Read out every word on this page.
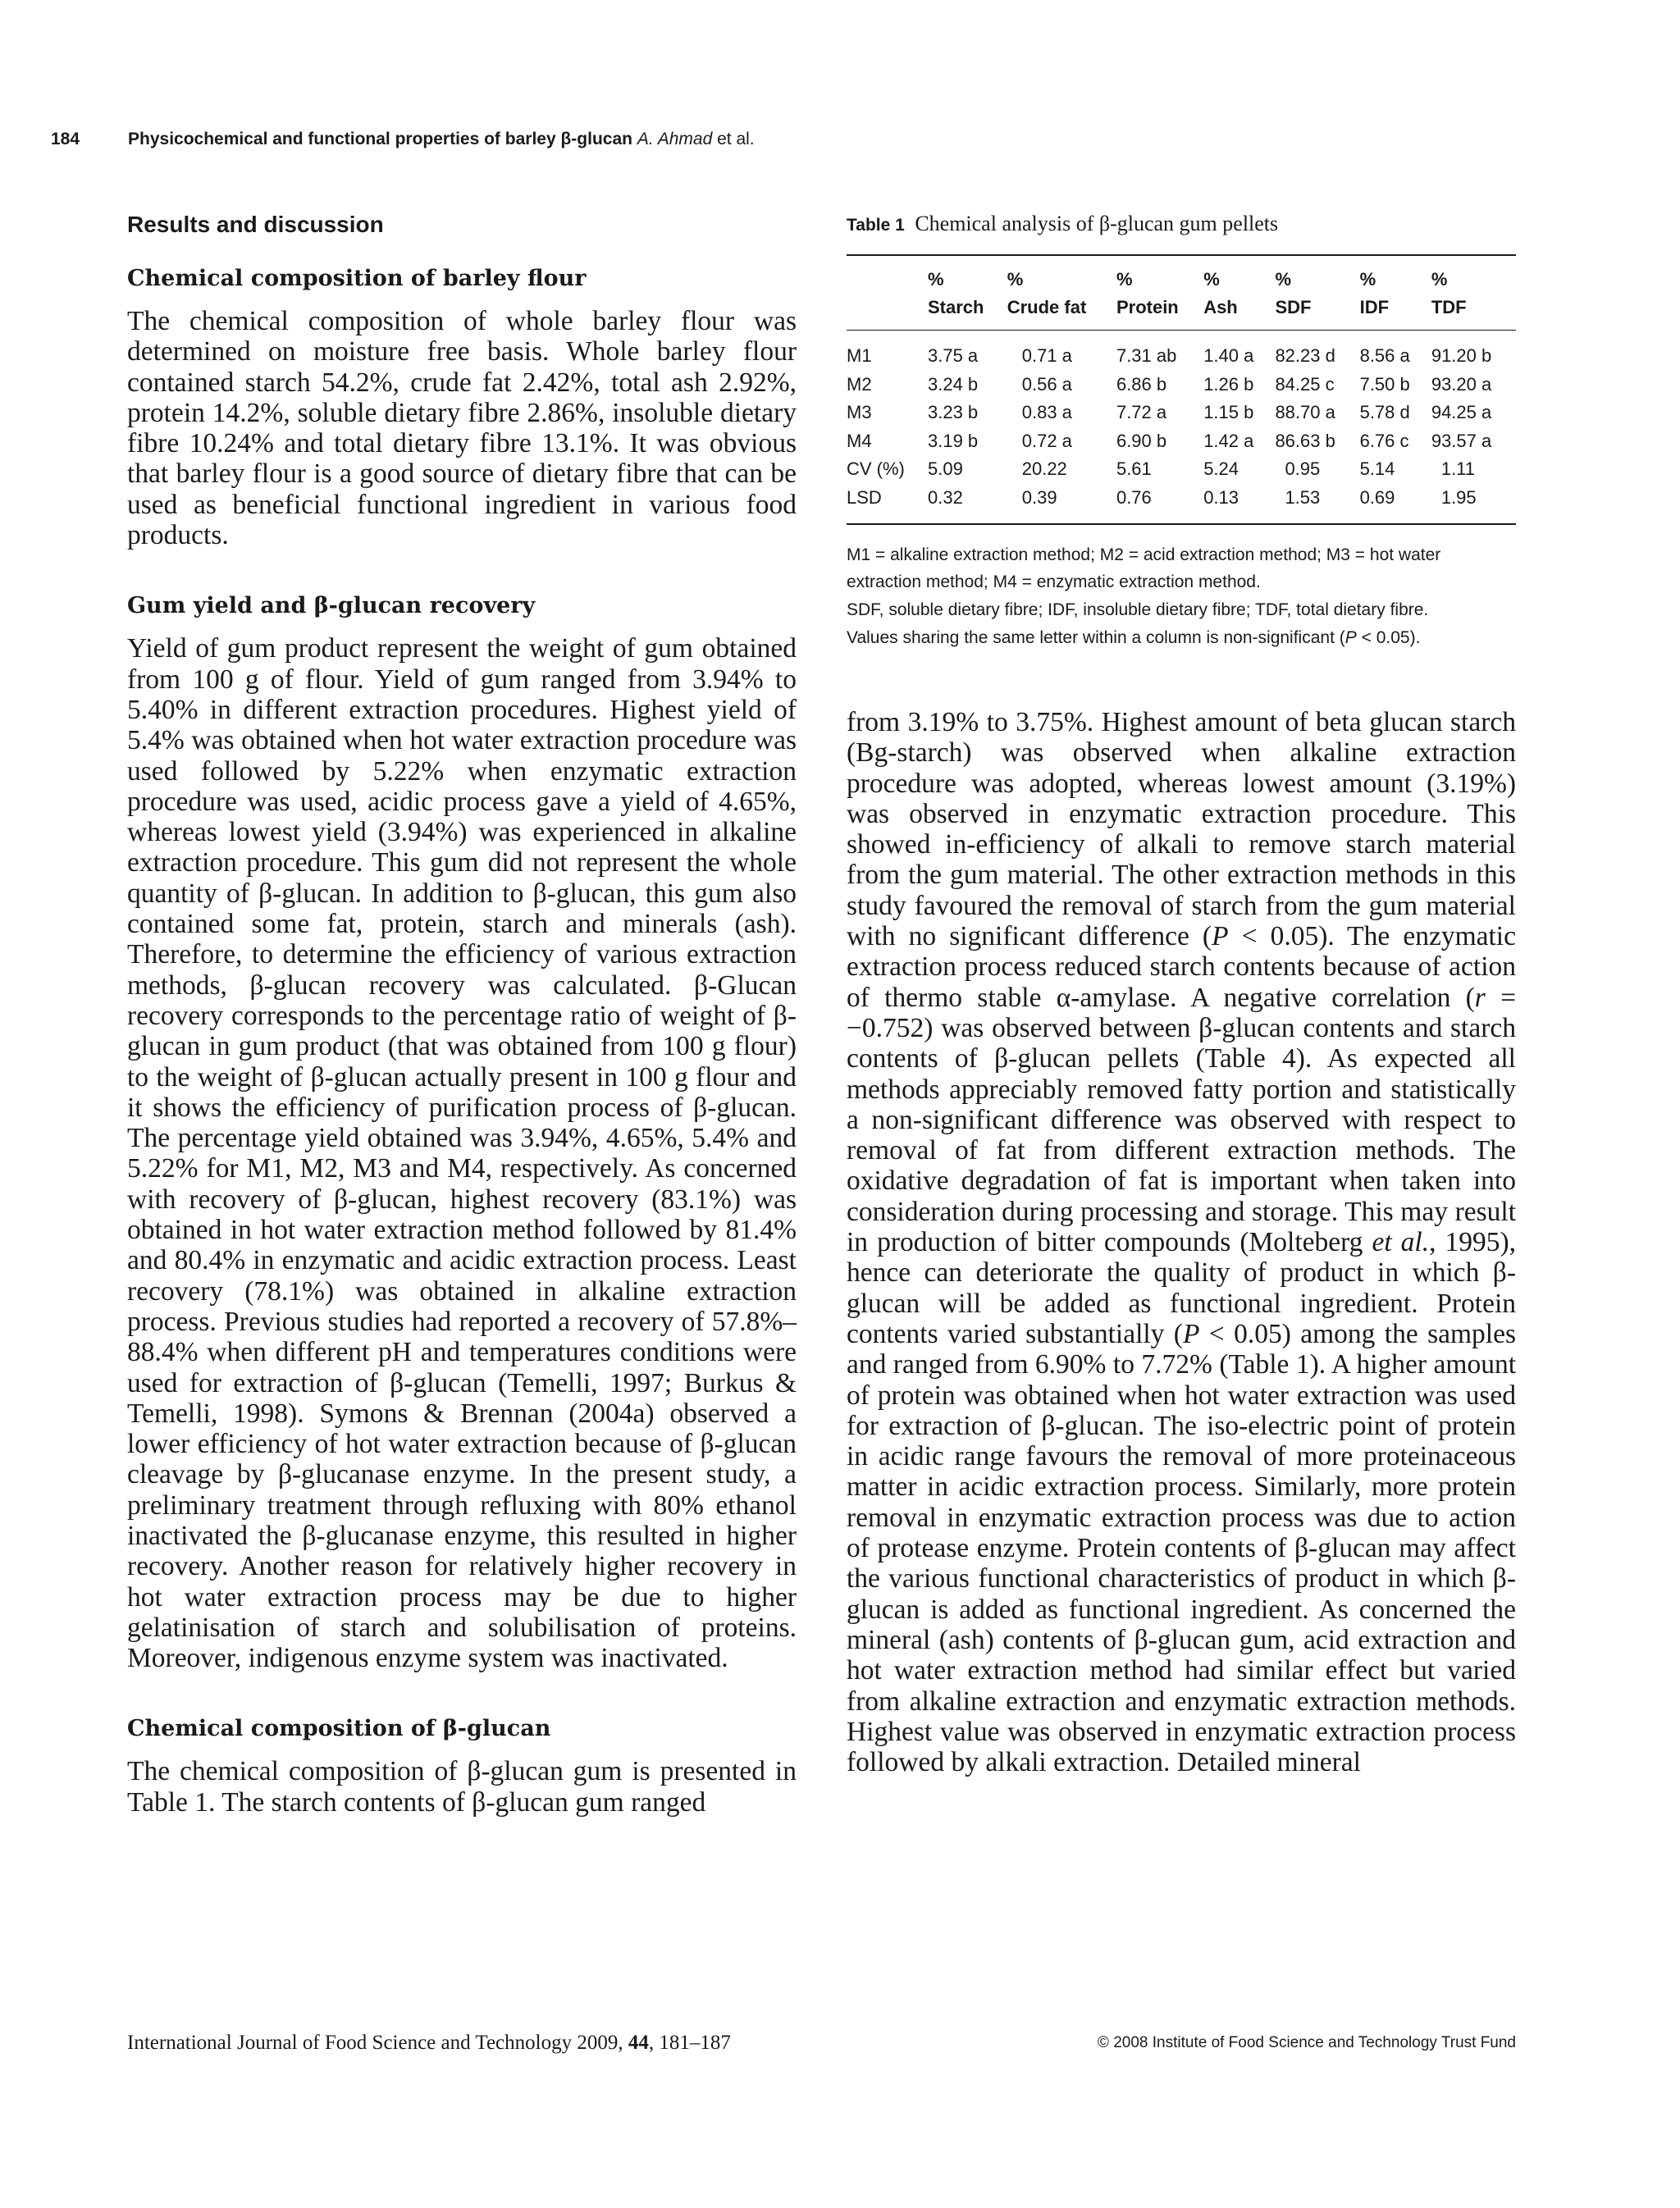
184	Physicochemical and functional properties of barley β-glucan A. Ahmad et al.
Results and discussion
Chemical composition of barley flour

The chemical composition of whole barley flour was determined on moisture free basis. Whole barley flour contained starch 54.2%, crude fat 2.42%, total ash 2.92%, protein 14.2%, soluble dietary fibre 2.86%, insoluble dietary fibre 10.24% and total dietary fibre 13.1%. It was obvious that barley flour is a good source of dietary fibre that can be used as beneficial functional ingredient in various food products.

Gum yield and β-glucan recovery

Yield of gum product represent the weight of gum obtained from 100 g of flour. Yield of gum ranged from 3.94% to 5.40% in different extraction procedures. Highest yield of 5.4% was obtained when hot water extraction procedure was used followed by 5.22% when enzymatic extraction procedure was used, acidic process gave a yield of 4.65%, whereas lowest yield (3.94%) was experienced in alkaline extraction procedure. This gum did not represent the whole quantity of β-glucan. In addition to β-glucan, this gum also contained some fat, protein, starch and minerals (ash). Therefore, to determine the efficiency of various extraction methods, β-glucan recovery was calculated. β-Glucan recovery corresponds to the percentage ratio of weight of β-glucan in gum product (that was obtained from 100 g flour) to the weight of β-glucan actually present in 100 g flour and it shows the efficiency of purification process of β-glucan. The percentage yield obtained was 3.94%, 4.65%, 5.4% and 5.22% for M1, M2, M3 and M4, respectively. As concerned with recovery of β-glucan, highest recovery (83.1%) was obtained in hot water extraction method followed by 81.4% and 80.4% in enzymatic and acidic extraction process. Least recovery (78.1%) was obtained in alkaline extraction process. Previous studies had reported a recovery of 57.8%–88.4% when different pH and temperatures conditions were used for extraction of β-glucan (Temelli, 1997; Burkus & Temelli, 1998). Symons & Brennan (2004a) observed a lower efficiency of hot water extraction because of β-glucan cleavage by β-glucanase enzyme. In the present study, a preliminary treatment through refluxing with 80% ethanol inactivated the β-glucanase enzyme, this resulted in higher recovery. Another reason for relatively higher recovery in hot water extraction process may be due to higher gelatinisation of starch and solubilisation of proteins. Moreover, indigenous enzyme system was inactivated.

Chemical composition of β-glucan

The chemical composition of β-glucan gum is presented in Table 1. The starch contents of β-glucan gum ranged

Table 1 Chemical analysis of β-glucan gum pellets
	%	%	%	%	%	%	%
	Starch	Crude fat	Protein	Ash	SDF	IDF	TDF
M1	3.75 a	0.71 a	7.31 ab	1.40 a	82.23 d	8.56 a	91.20 b
M2	3.24 b	0.56 a	6.86 b	1.26 b	84.25 c	7.50 b	93.20 a
M3	3.23 b	0.83 a	7.72 a	1.15 b	88.70 a	5.78 d	94.25 a
M4	3.19 b	0.72 a	6.90 b	1.42 a	86.63 b	6.76 c	93.57 a
CV (%)	5.09	20.22	5.61	5.24	0.95	5.14	1.11
LSD	0.32	0.39	0.76	0.13	1.53	0.69	1.95

M1 = alkaline extraction method; M2 = acid extraction method; M3 = hot water extraction method; M4 = enzymatic extraction method.

SDF, soluble dietary fibre; IDF, insoluble dietary fibre; TDF, total dietary fibre.

Values sharing the same letter within a column is non-significant (P < 0.05).

from 3.19% to 3.75%. Highest amount of beta glucan starch (Bg-starch) was observed when alkaline extraction procedure was adopted, whereas lowest amount (3.19%) was observed in enzymatic extraction procedure. This showed in-efficiency of alkali to remove starch material from the gum material. The other extraction methods in this study favoured the removal of starch from the gum material with no significant difference (P < 0.05). The enzymatic extraction process reduced starch contents because of action of thermo stable α-amylase. A negative correlation (r = −0.752) was observed between β-glucan contents and starch contents of β-glucan pellets (Table 4). As expected all methods appreciably removed fatty portion and statistically a non-significant difference was observed with respect to removal of fat from different extraction methods. The oxidative degradation of fat is important when taken into consideration during processing and storage. This may result in production of bitter compounds (Molteberg et al., 1995), hence can deteriorate the quality of product in which β-glucan will be added as functional ingredient. Protein contents varied substantially (P < 0.05) among the samples and ranged from 6.90% to 7.72% (Table 1). A higher amount of protein was obtained when hot water extraction was used for extraction of β-glucan. The iso-electric point of protein in acidic range favours the removal of more proteinaceous matter in acidic extraction process. Similarly, more protein removal in enzymatic extraction process was due to action of protease enzyme. Protein contents of β-glucan may affect the various functional characteristics of product in which β-glucan is added as functional ingredient. As concerned the mineral (ash) contents of β-glucan gum, acid extraction and hot water extraction method had similar effect but varied from alkaline extraction and enzymatic extraction methods. Highest value was observed in enzymatic extraction process followed by alkali extraction. Detailed mineral

International Journal of Food Science and Technology 2009, 44, 181–187	© 2008 Institute of Food Science and Technology Trust Fund
